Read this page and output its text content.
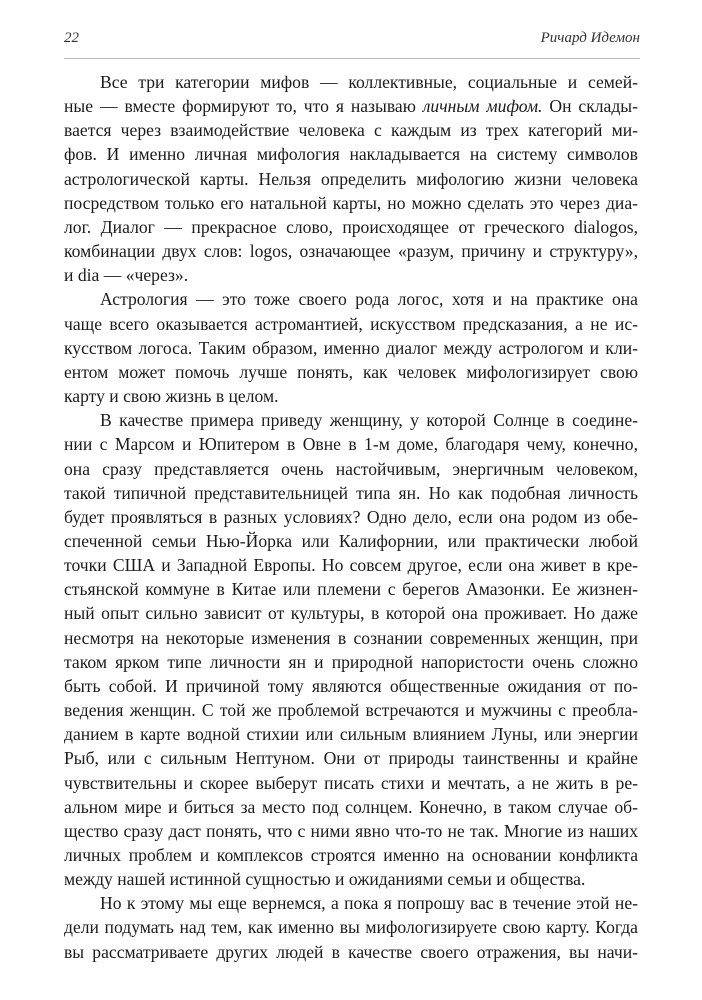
22	Ричард Идемон

Все три категории мифов — коллективные, социальные и семей-
ные — вместе формируют то, что я называю личным мифом. Он склады-
вается через взаимодействие человека с каждым из трех категорий ми-
фов. И именно личная мифология накладывается на систему символов
астрологической карты. Нельзя определить мифологию жизни человека
посредством только его натальной карты, но можно сделать это через диа-
лог. Диалог — прекрасное слово, происходящее от греческого dialogos,
комбинации двух слов: logos, означающее «разум, причину и структуру»,
и dia — «через».

Астрология — это тоже своего рода логос, хотя и на практике она
чаще всего оказывается астромантией, искусством предсказания, а не ис-
кусством логоса. Таким образом, именно диалог между астрологом и кли-
ентом может помочь лучше понять, как человек мифологизирует свою
карту и свою жизнь в целом.

В качестве примера приведу женщину, у которой Солнце в соедине-
нии с Марсом и Юпитером в Овне в 1-м доме, благодаря чему, конечно,
она сразу представляется очень настойчивым, энергичным человеком,
такой типичной представительницей типа ян. Но как подобная личность
будет проявляться в разных условиях? Одно дело, если она родом из обе-
спеченной семьи Нью-Йорка или Калифорнии, или практически любой
точки США и Западной Европы. Но совсем другое, если она живет в кре-
стьянской коммуне в Китае или племени с берегов Амазонки. Ее жизнен-
ный опыт сильно зависит от культуры, в которой она проживает. Но даже
несмотря на некоторые изменения в сознании современных женщин, при
таком ярком типе личности ян и природной напористости очень сложно
быть собой. И причиной тому являются общественные ожидания от по-
ведения женщин. С той же проблемой встречаются и мужчины с преобла-
данием в карте водной стихии или сильным влиянием Луны, или энергии
Рыб, или с сильным Нептуном. Они от природы таинственны и крайне
чувствительны и скорее выберут писать стихи и мечтать, а не жить в ре-
альном мире и биться за место под солнцем. Конечно, в таком случае об-
щество сразу даст понять, что с ними явно что-то не так. Многие из наших
личных проблем и комплексов строятся именно на основании конфликта
между нашей истинной сущностью и ожиданиями семьи и общества.

Но к этому мы еще вернемся, а пока я попрошу вас в течение этой не-
дели подумать над тем, как именно вы мифологизируете свою карту. Когда
вы рассматриваете других людей в качестве своего отражения, вы начи-
